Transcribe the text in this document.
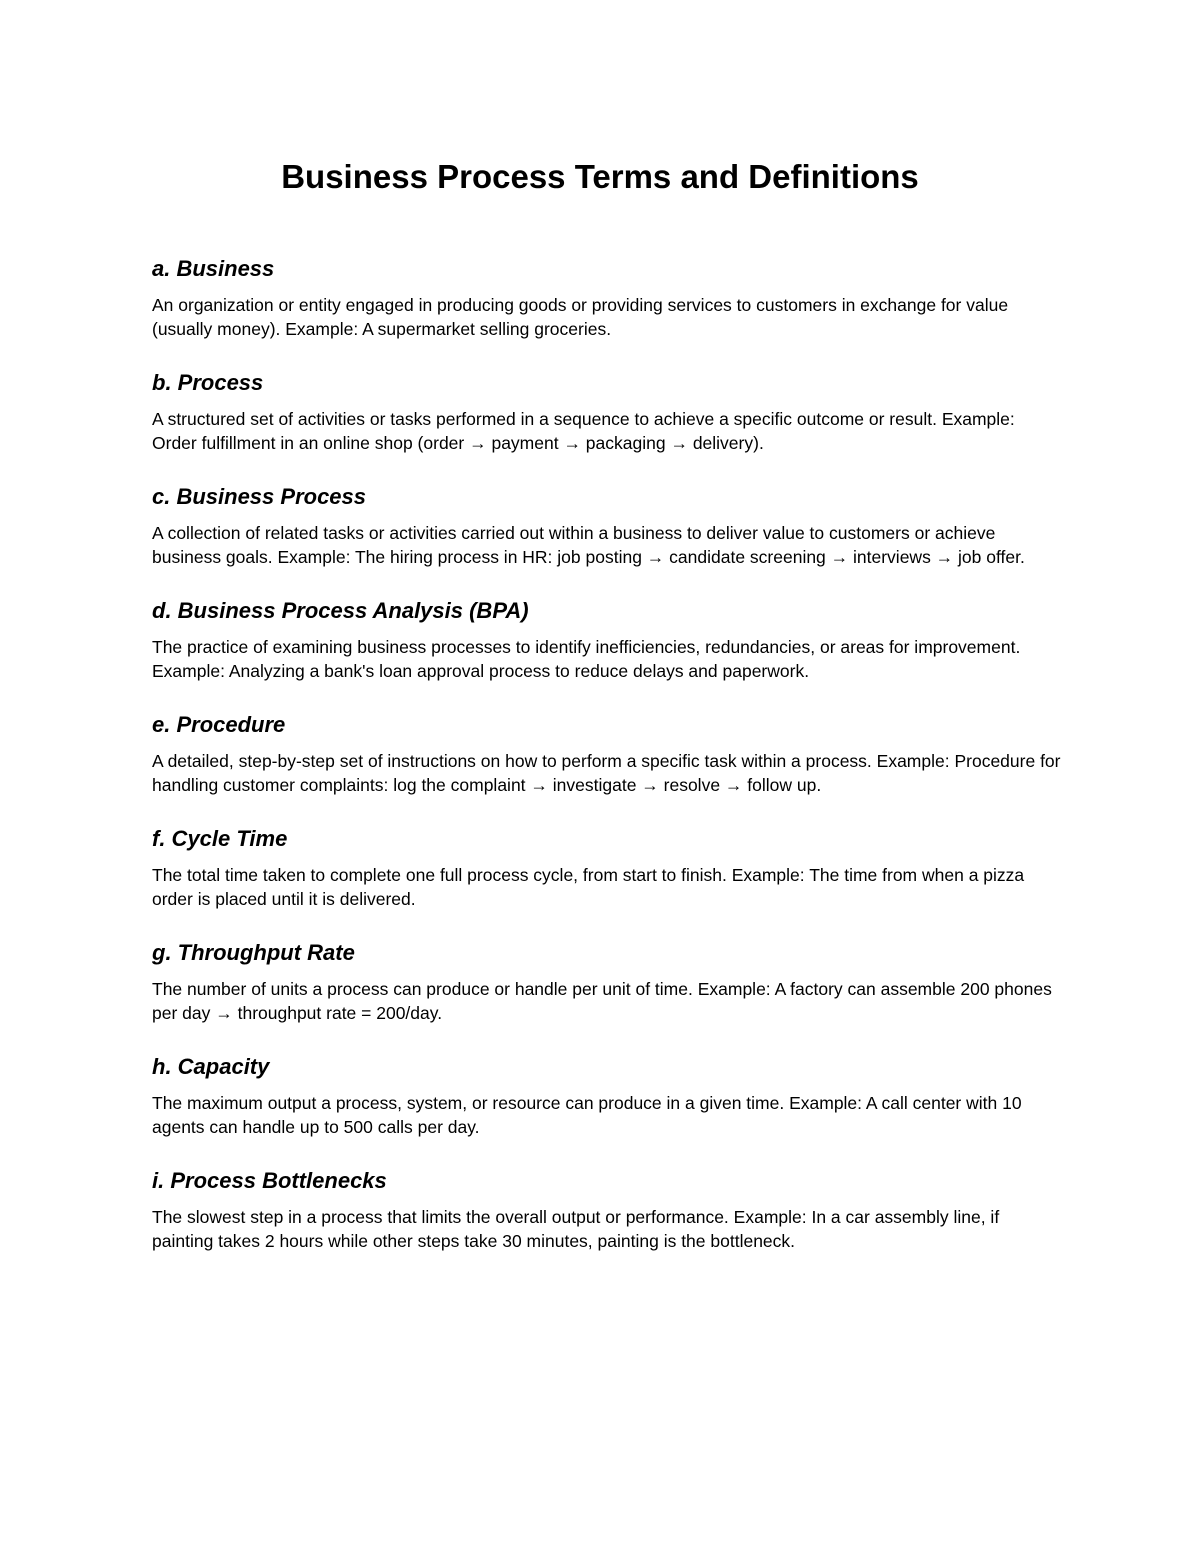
Business Process Terms and Definitions
a. Business

An organization or entity engaged in producing goods or providing services to customers in exchange for value (usually money). Example: A supermarket selling groceries.

b. Process

A structured set of activities or tasks performed in a sequence to achieve a specific outcome or result. Example: Order fulfillment in an online shop (order → payment → packaging → delivery).

c. Business Process

A collection of related tasks or activities carried out within a business to deliver value to customers or achieve business goals. Example: The hiring process in HR: job posting → candidate screening → interviews → job offer.

d. Business Process Analysis (BPA)

The practice of examining business processes to identify inefficiencies, redundancies, or areas for improvement. Example: Analyzing a bank's loan approval process to reduce delays and paperwork.

e. Procedure

A detailed, step-by-step set of instructions on how to perform a specific task within a process. Example: Procedure for handling customer complaints: log the complaint → investigate → resolve → follow up.

f. Cycle Time

The total time taken to complete one full process cycle, from start to finish. Example: The time from when a pizza order is placed until it is delivered.

g. Throughput Rate

The number of units a process can produce or handle per unit of time. Example: A factory can assemble 200 phones per day → throughput rate = 200/day.

h. Capacity

The maximum output a process, system, or resource can produce in a given time. Example: A call center with 10 agents can handle up to 500 calls per day.

i. Process Bottlenecks

The slowest step in a process that limits the overall output or performance. Example: In a car assembly line, if painting takes 2 hours while other steps take 30 minutes, painting is the bottleneck.
